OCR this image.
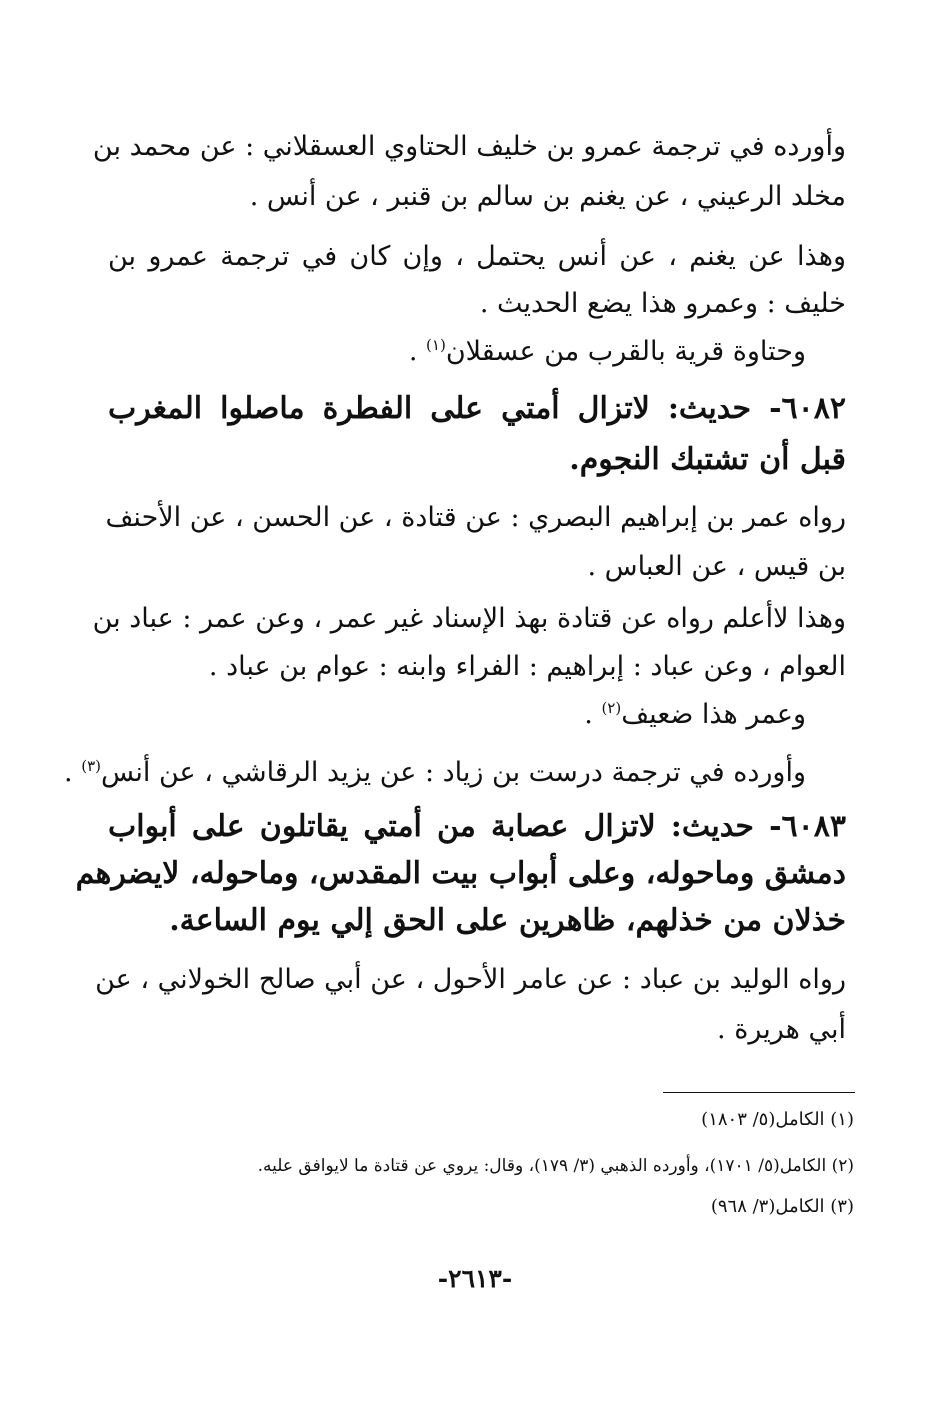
وأورده في ترجمة عمرو بن خليف الحتاوي العسقلاني : عن محمد بن
مخلد الرعيني ، عن يغنم بن سالم بن قنبر ، عن أنس .
وهذا عن يغنم ، عن أنس يحتمل ، وإن كان في ترجمة عمرو بن
خليف : وعمرو هذا يضع الحديث .
وحتاوة قرية بالقرب من عسقلان$^{(١)}$ .
٦٠٨٢- حديث: لاتزال أمتي على الفطرة ماصلوا المغرب
قبل أن تشتبك النجوم.
رواه عمر بن إبراهيم البصري : عن قتادة ، عن الحسن ، عن الأحنف
بن قيس ، عن العباس .
وهذا لاأعلم رواه عن قتادة بهذ الإسناد غير عمر ، وعن عمر : عباد بن
العوام ، وعن عباد : إبراهيم : الفراء وابنه : عوام بن عباد .
وعمر هذا ضعيف$^{(٢)}$ .
وأورده في ترجمة درست بن زياد : عن يزيد الرقاشي ، عن أنس$^{(٣)}$ .
٦٠٨٣- حديث: لاتزال عصابة من أمتي يقاتلون على أبواب
دمشق وماحوله، وعلى أبواب بيت المقدس، وماحوله، لايضرهم
خذلان من خذلهم، ظاهرين على الحق إلي يوم الساعة.
رواه الوليد بن عباد : عن عامر الأحول ، عن أبي صالح الخولاني ، عن
أبي هريرة .
(١) الكامل(٥/ ١٨٠٣)
(٢) الكامل(٥/ ١٧٠١)، وأورده الذهبي (٣/ ١٧٩)، وقال: يروي عن قتادة ما لايوافق عليه.
(٣) الكامل(٣/ ٩٦٨)
-٢٦١٣-
